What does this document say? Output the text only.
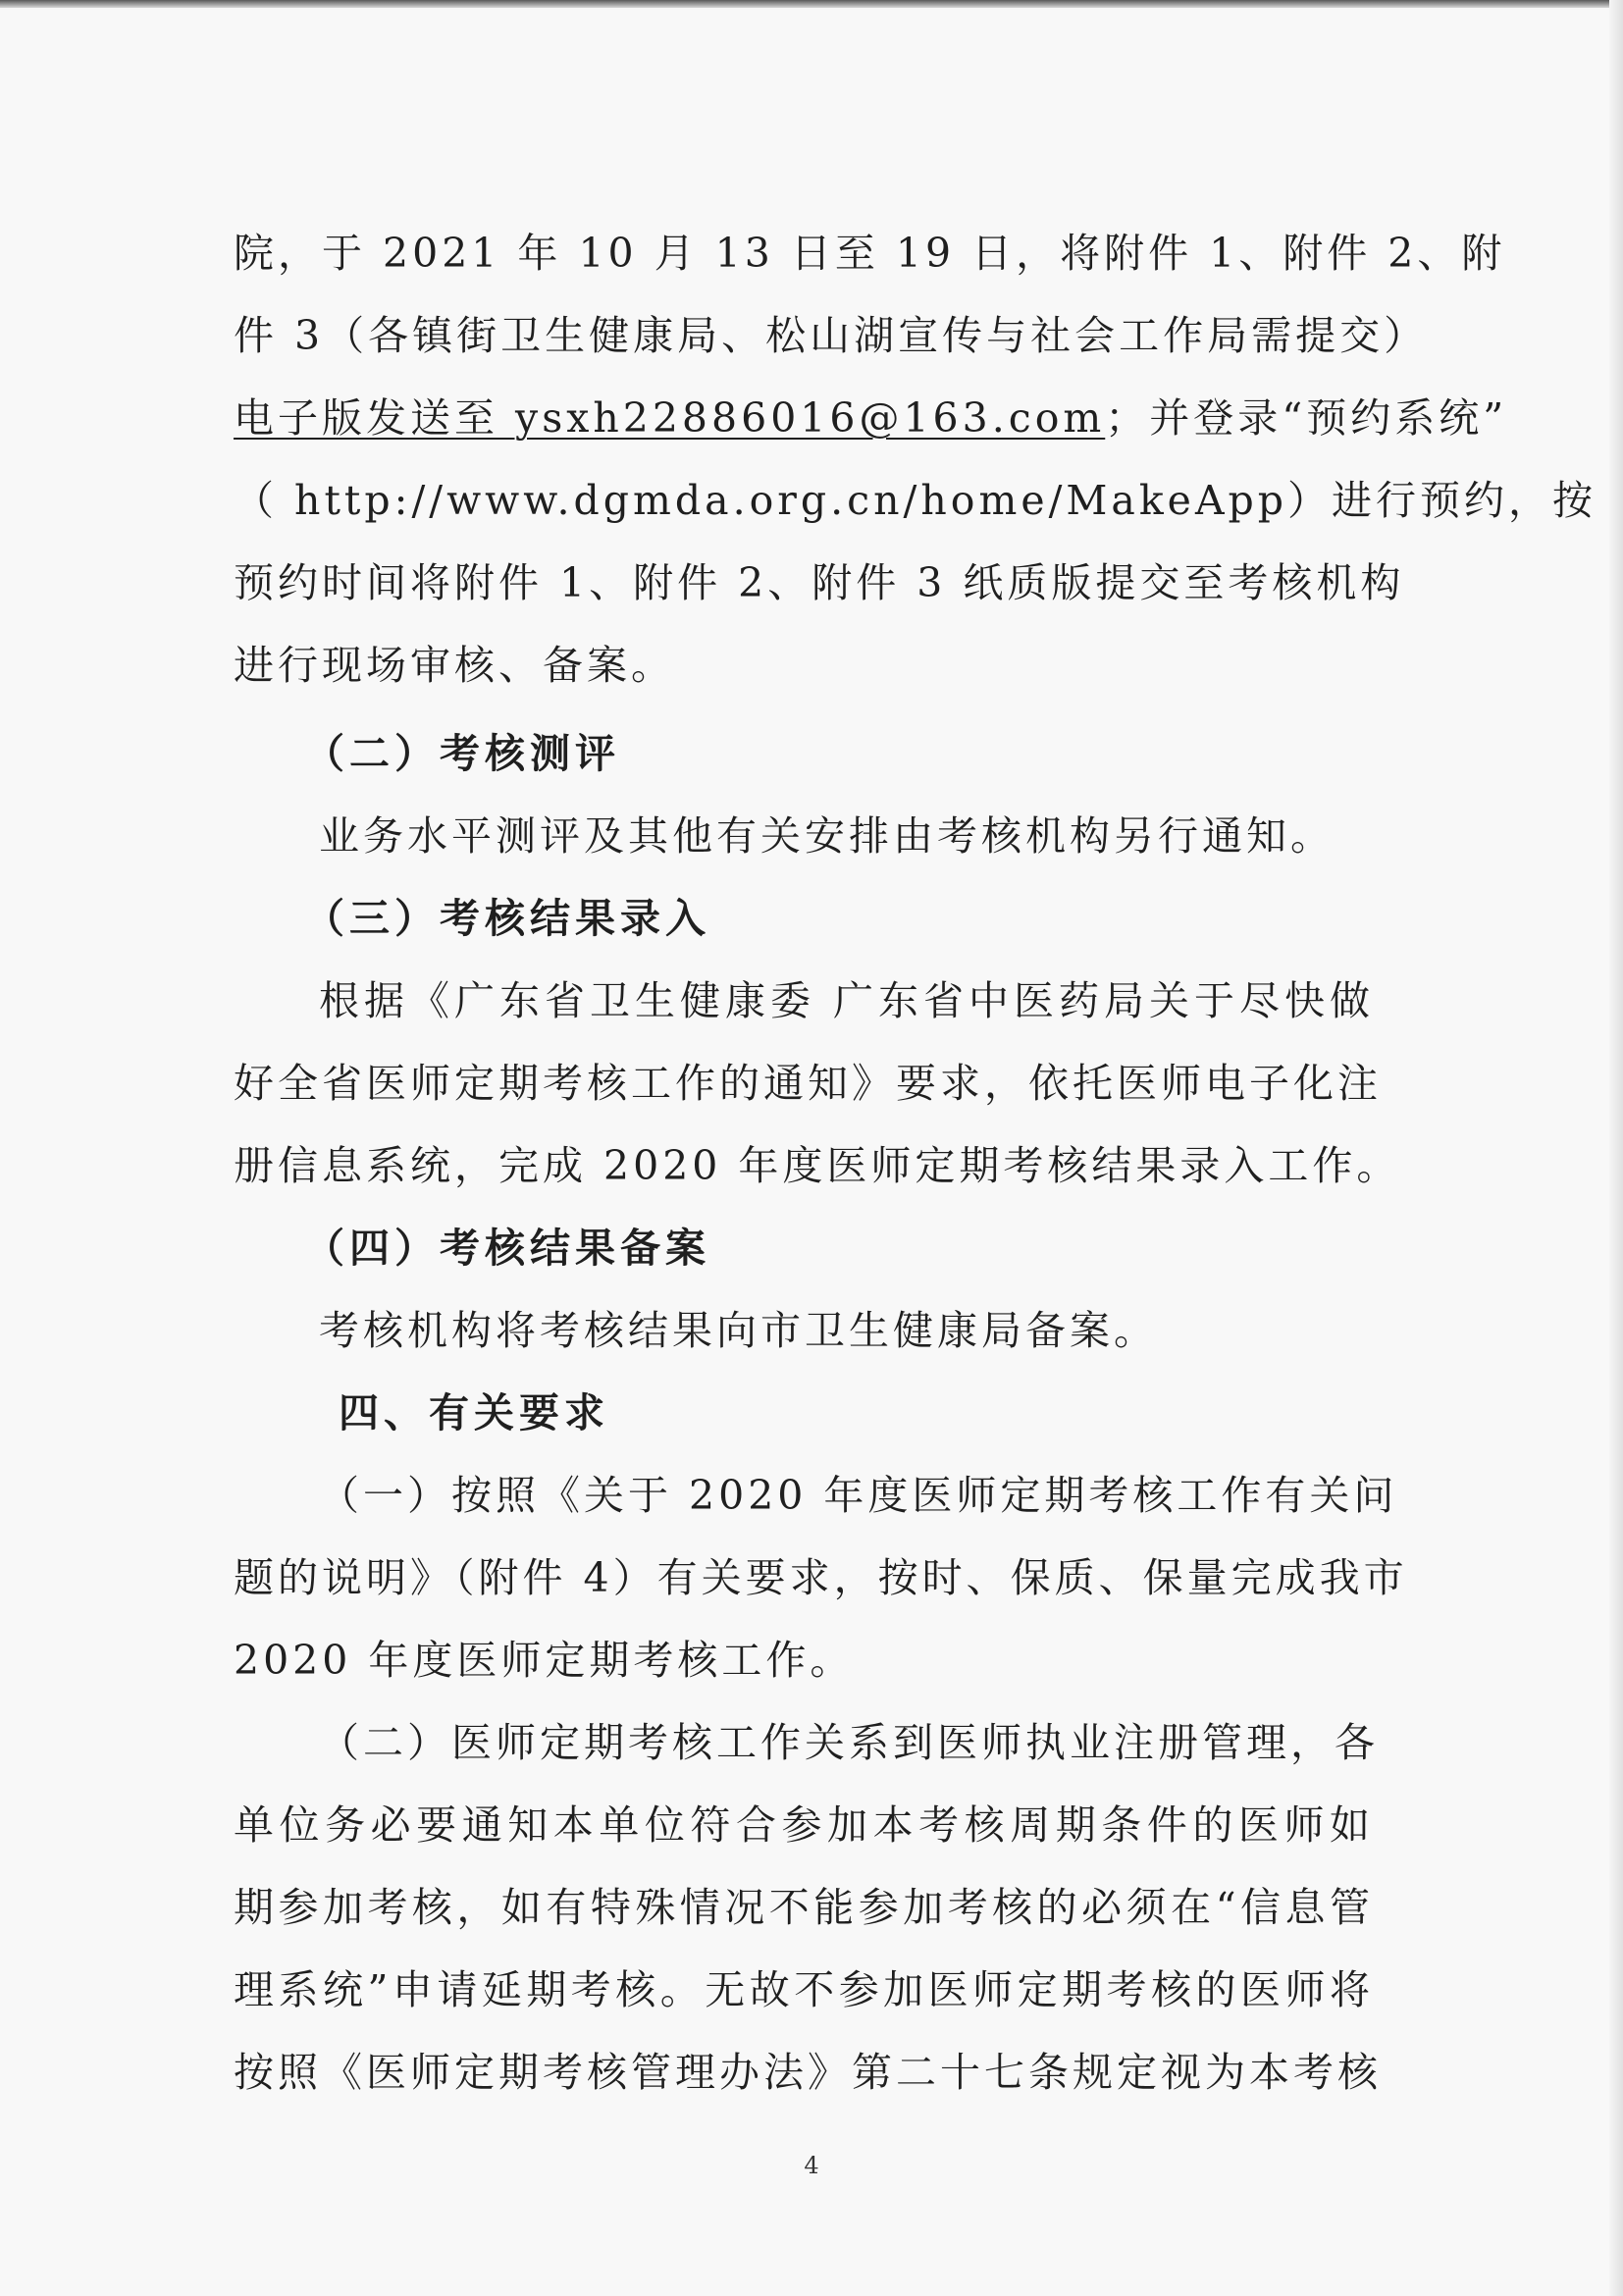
院，于 2021 年 10 月 13 日至 19 日，将附件 1、附件 2、附
件 3（各镇街卫生健康局、松山湖宣传与社会工作局需提交）
电子版发送至 ysxh22886016@163.com；并登录“预约系统”
（ http://www.dgmda.org.cn/home/MakeApp）进行预约，按
预约时间将附件 1、附件 2、附件 3 纸质版提交至考核机构
进行现场审核、备案。
（二）考核测评
业务水平测评及其他有关安排由考核机构另行通知。
（三）考核结果录入
根据《广东省卫生健康委 广东省中医药局关于尽快做
好全省医师定期考核工作的通知》要求，依托医师电子化注
册信息系统，完成 2020 年度医师定期考核结果录入工作。
（四）考核结果备案
考核机构将考核结果向市卫生健康局备案。
四、有关要求
（一）按照《关于 2020 年度医师定期考核工作有关问
题的说明》（附件 4）有关要求，按时、保质、保量完成我市
2020 年度医师定期考核工作。
（二）医师定期考核工作关系到医师执业注册管理，各
单位务必要通知本单位符合参加本考核周期条件的医师如
期参加考核，如有特殊情况不能参加考核的必须在“信息管
理系统”申请延期考核。无故不参加医师定期考核的医师将
按照《医师定期考核管理办法》第二十七条规定视为本考核
4
